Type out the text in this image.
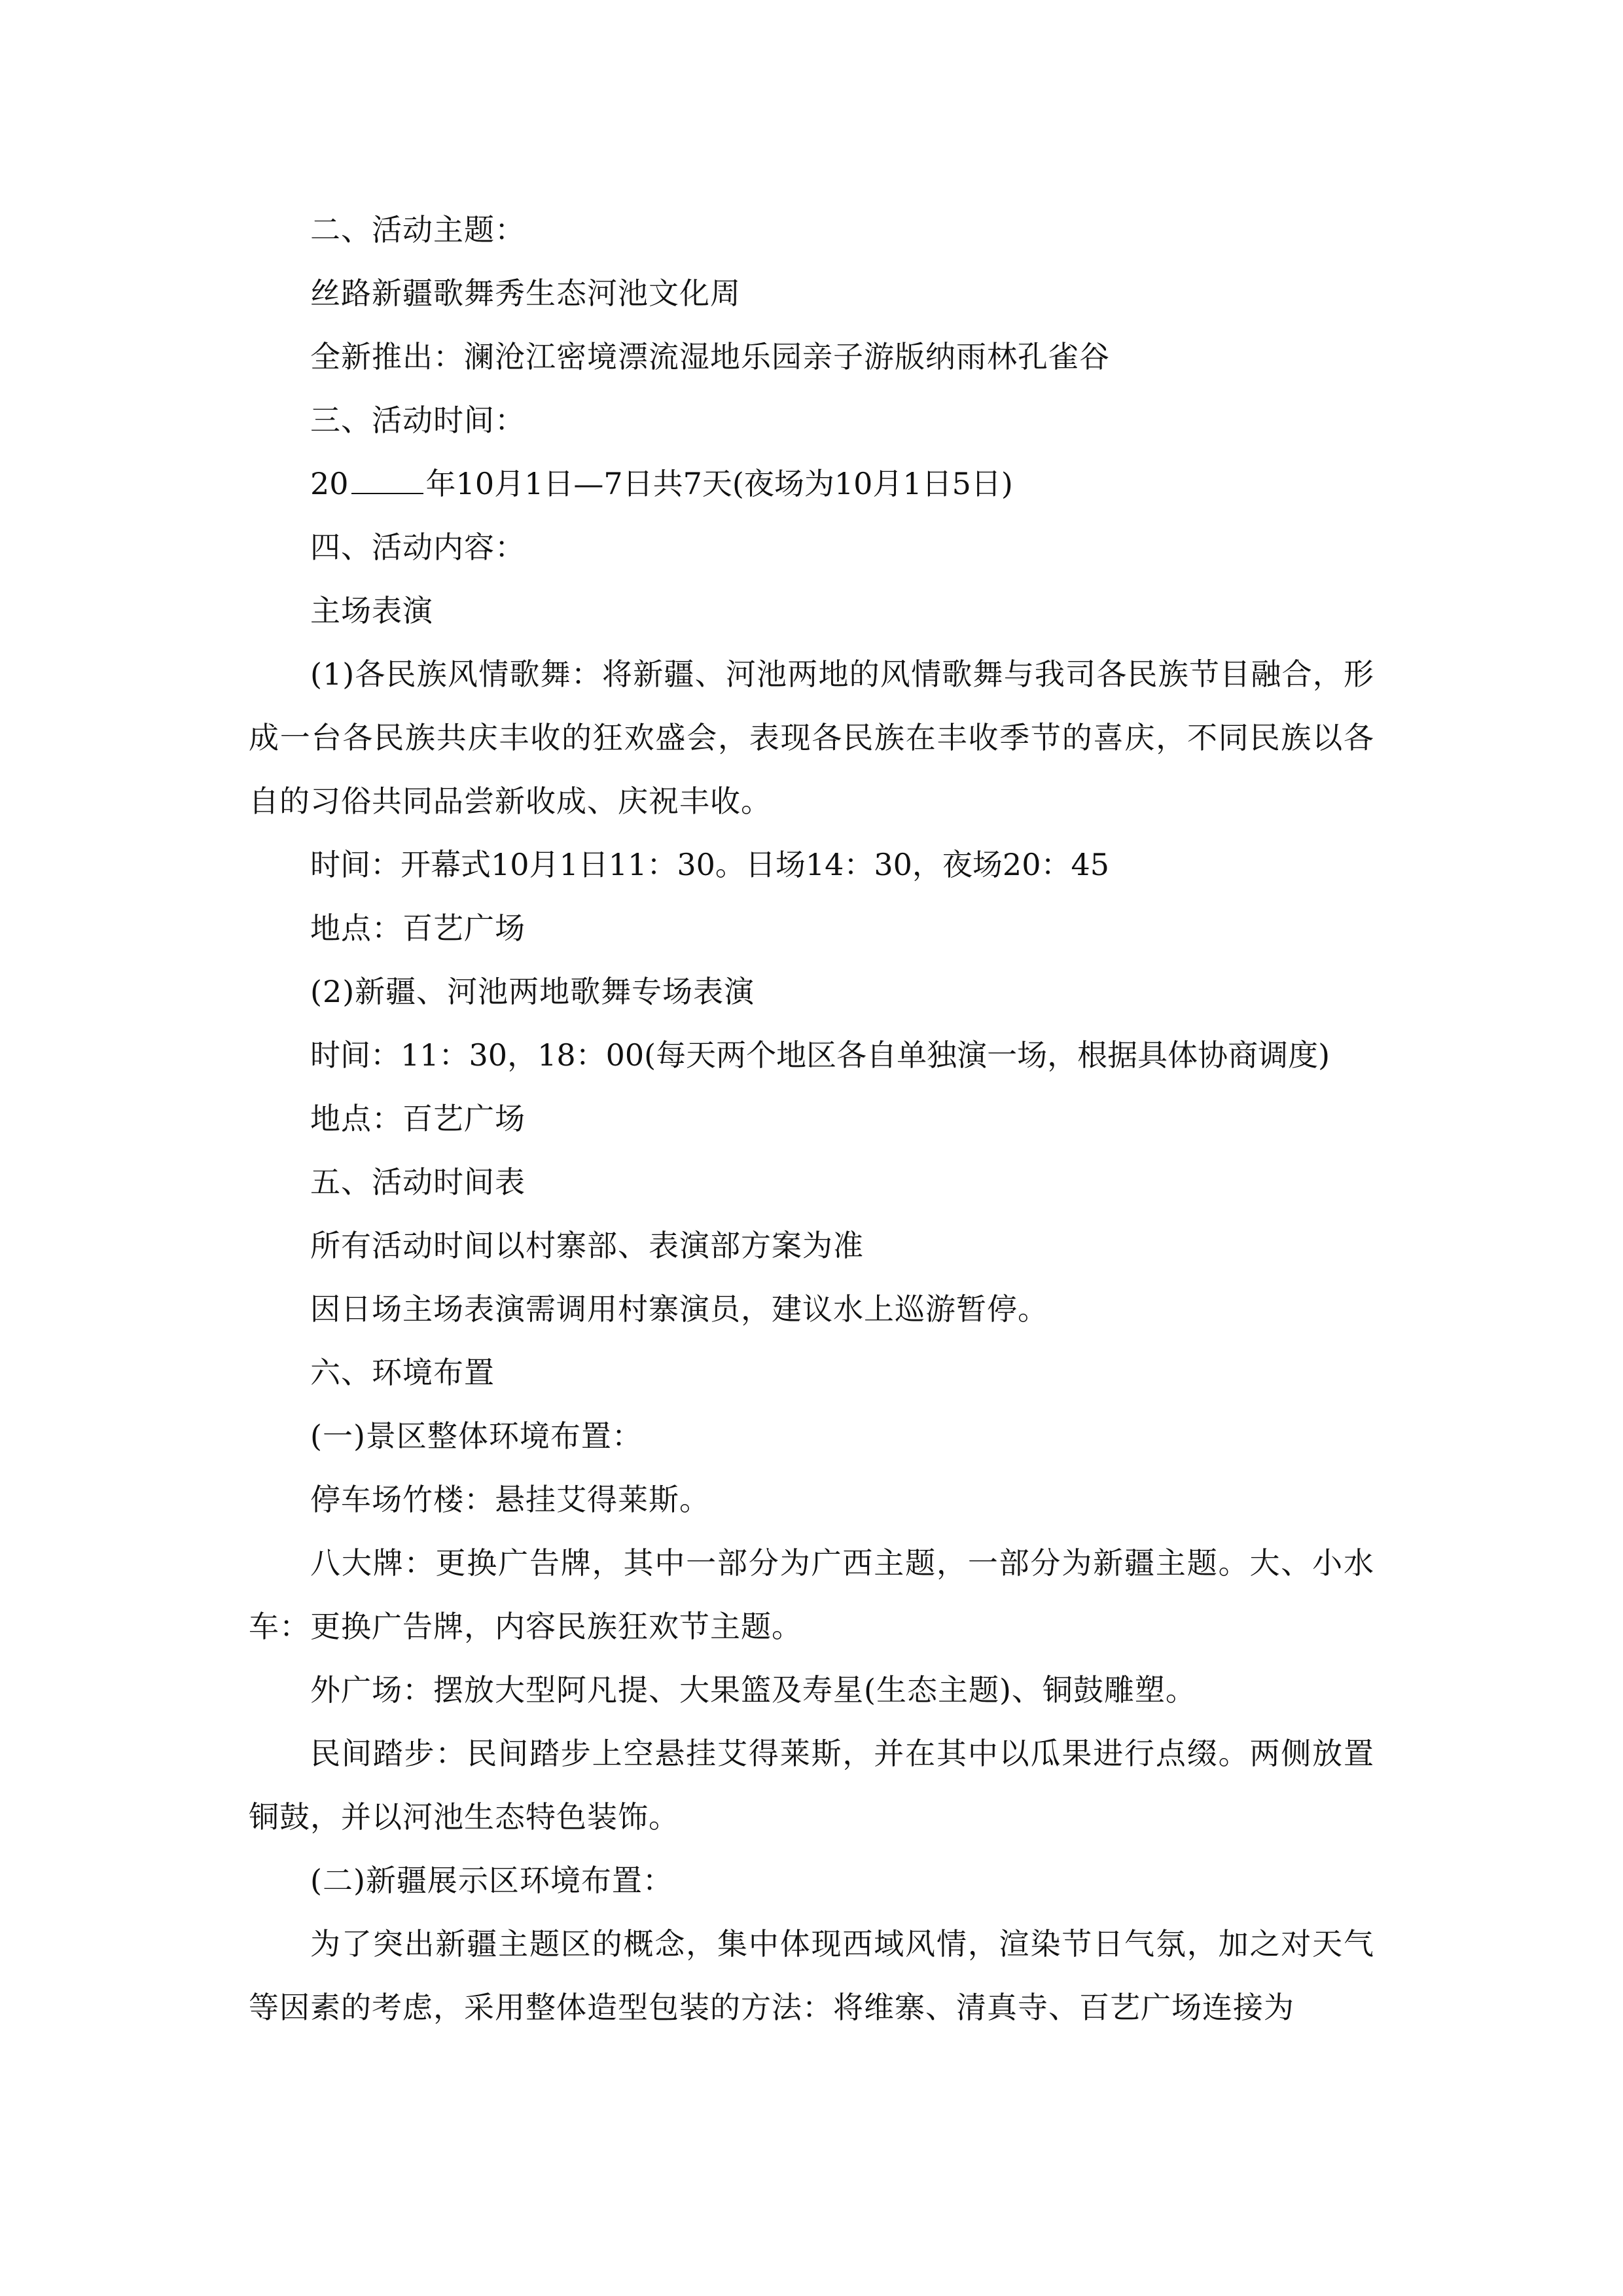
二、活动主题：

丝路新疆歌舞秀生态河池文化周

全新推出：澜沧江密境漂流湿地乐园亲子游版纳雨林孔雀谷

三、活动时间：

20	年10月1日—7日共7天(夜场为10月1日5日)

四、活动内容：

主场表演

(1)各民族风情歌舞：将新疆、河池两地的风情歌舞与我司各民族节目融合，形成一台各民族共庆丰收的狂欢盛会，表现各民族在丰收季节的喜庆，不同民族以各自的习俗共同品尝新收成、庆祝丰收。

时间：开幕式10月1日11：30。日场14：30，夜场20：45

地点：百艺广场

(2)新疆、河池两地歌舞专场表演

时间：11：30，18：00(每天两个地区各自单独演一场，根据具体协商调度)

地点：百艺广场

五、活动时间表

所有活动时间以村寨部、表演部方案为准

因日场主场表演需调用村寨演员，建议水上巡游暂停。

六、环境布置

(一)景区整体环境布置：

停车场竹楼：悬挂艾得莱斯。

八大牌：更换广告牌，其中一部分为广西主题，一部分为新疆主题。大、小水车：更换广告牌，内容民族狂欢节主题。

外广场：摆放大型阿凡提、大果篮及寿星(生态主题)、铜鼓雕塑。

民间踏步：民间踏步上空悬挂艾得莱斯，并在其中以瓜果进行点缀。两侧放置铜鼓，并以河池生态特色装饰。

(二)新疆展示区环境布置：

为了突出新疆主题区的概念，集中体现西域风情，渲染节日气氛，加之对天气等因素的考虑，采用整体造型包装的方法：将维寨、清真寺、百艺广场连接为
